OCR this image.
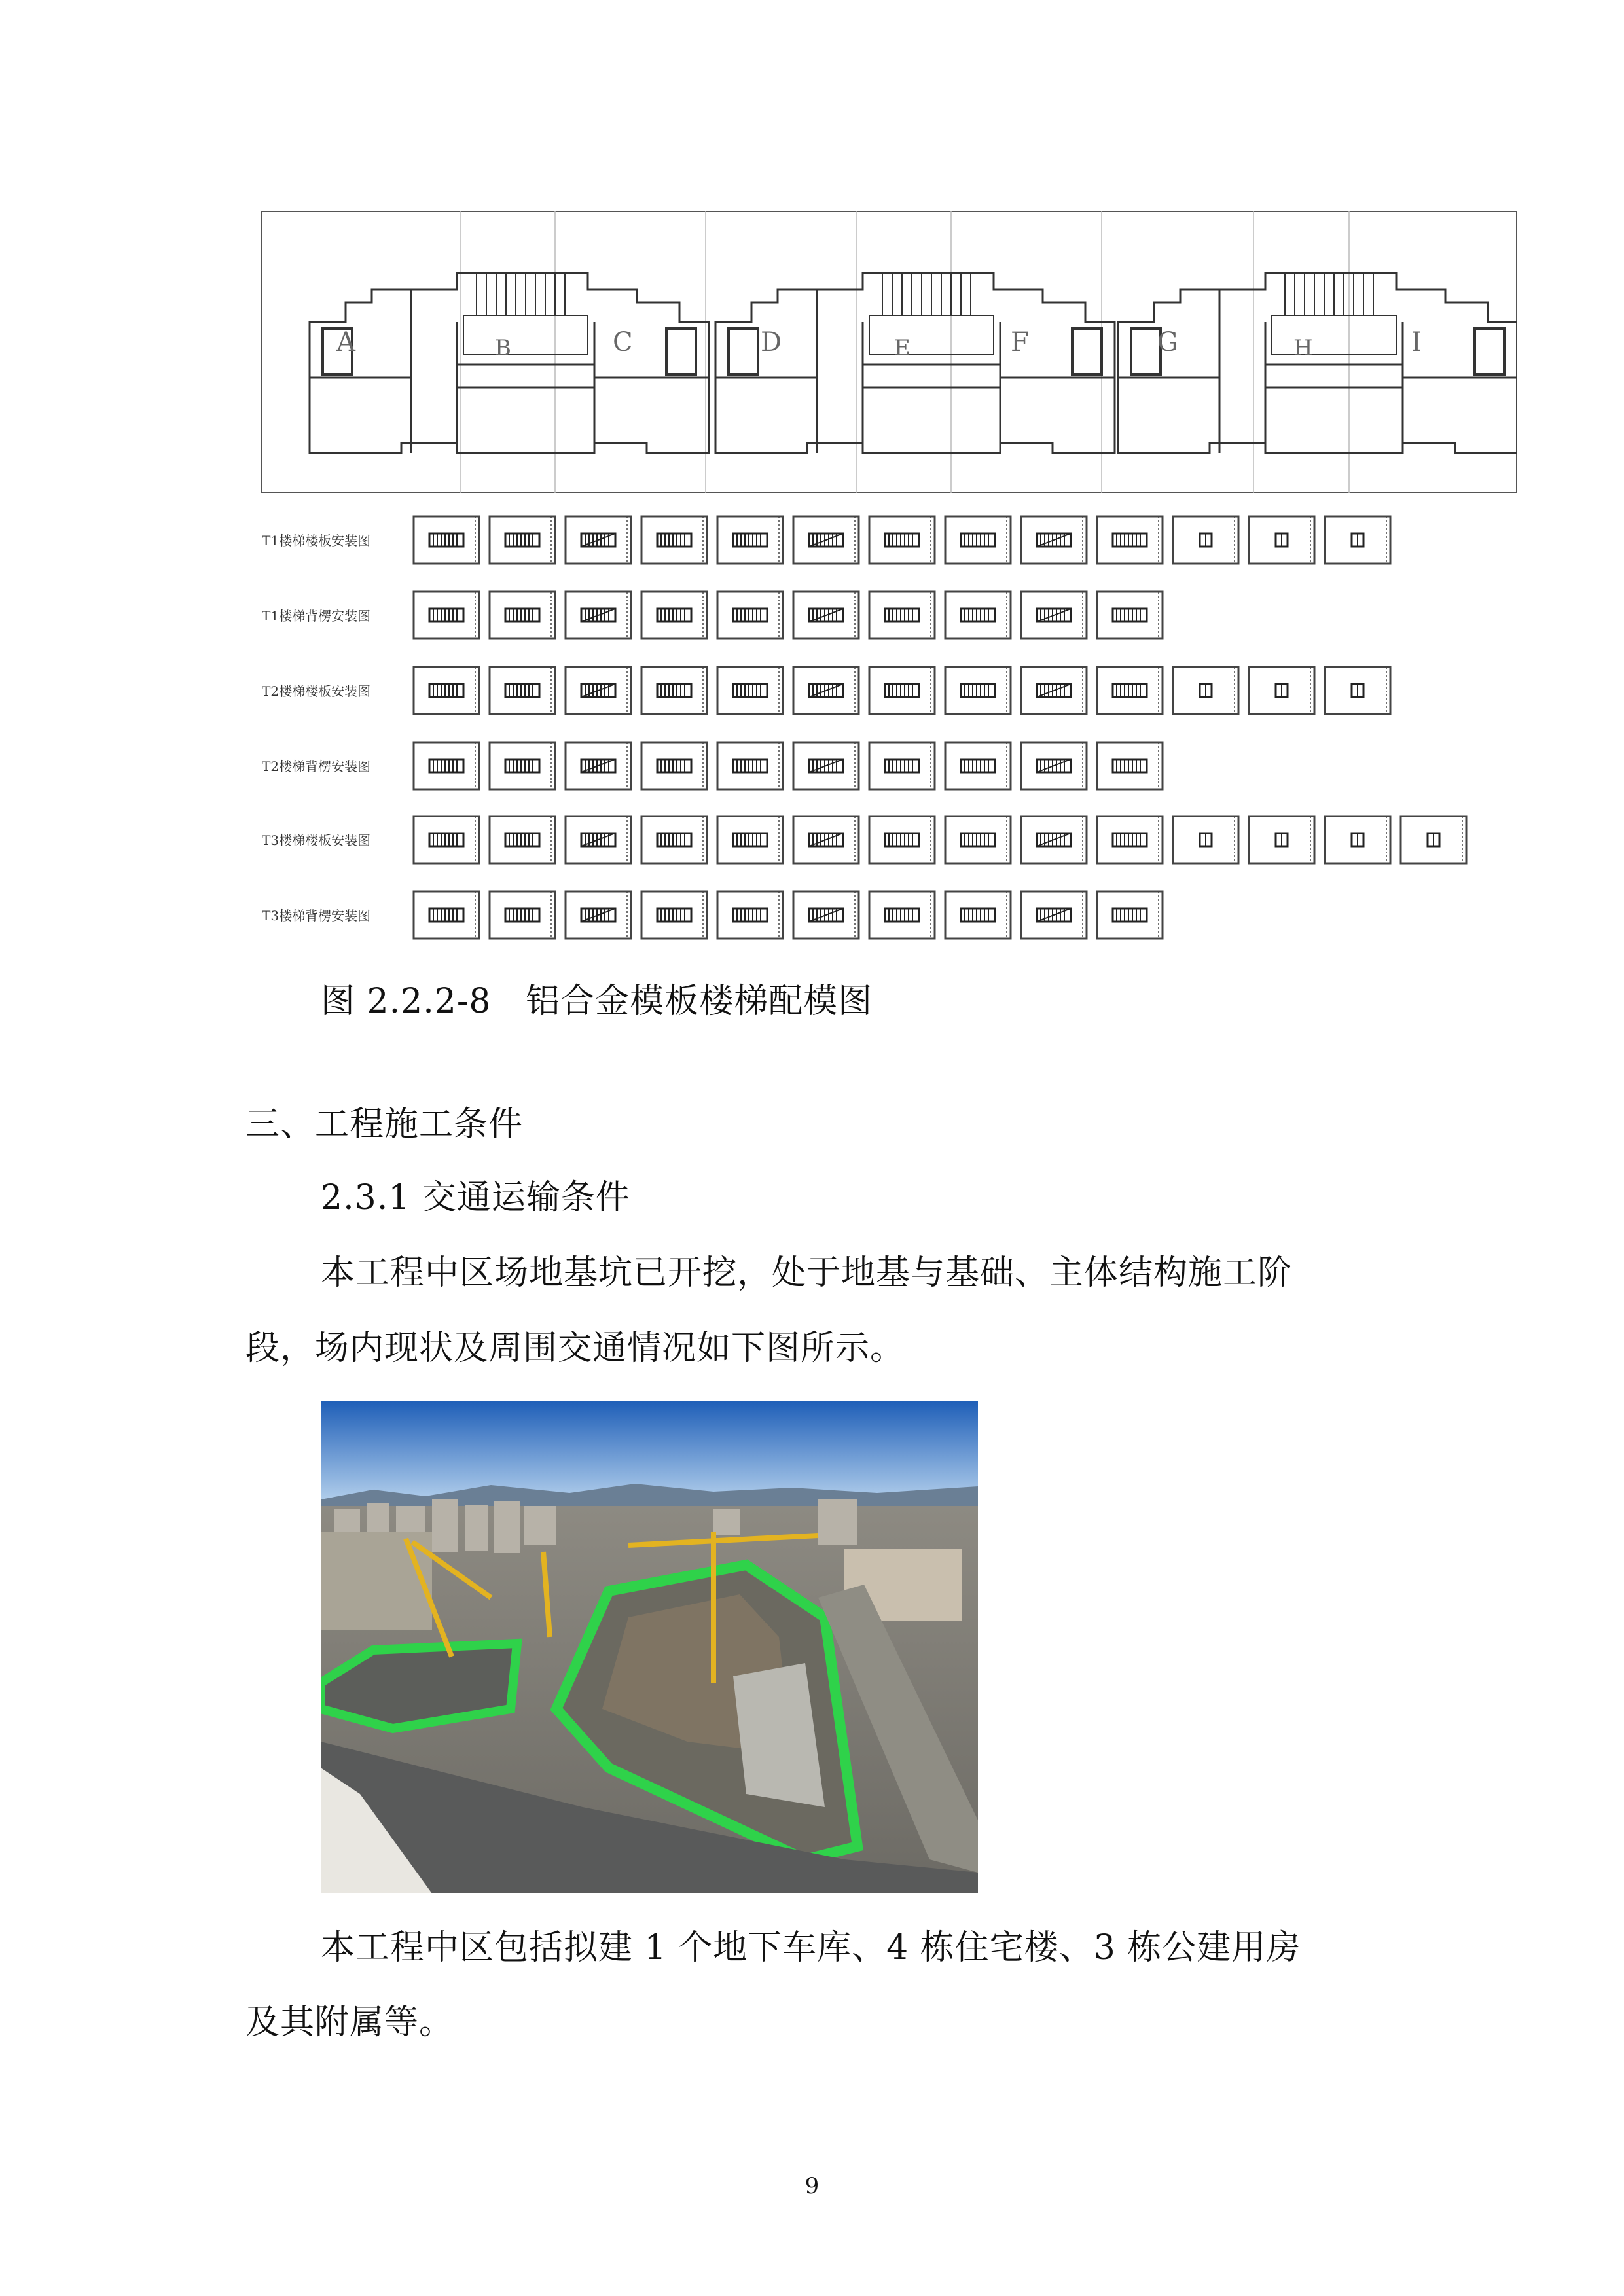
A	B	C	D	E	F	G	H	I
T1楼梯楼板安装图
T1楼梯背楞安装图
T2楼梯楼板安装图
T2楼梯背楞安装图
T3楼梯楼板安装图
T3楼梯背楞安装图
图 2.2.2-8   铝合金模板楼梯配模图
三、工程施工条件
2.3.1 交通运输条件
本工程中区场地基坑已开挖，处于地基与基础、主体结构施工阶
段，场内现状及周围交通情况如下图所示。
本工程中区包括拟建 1 个地下车库、4 栋住宅楼、3 栋公建用房
及其附属等。
9
